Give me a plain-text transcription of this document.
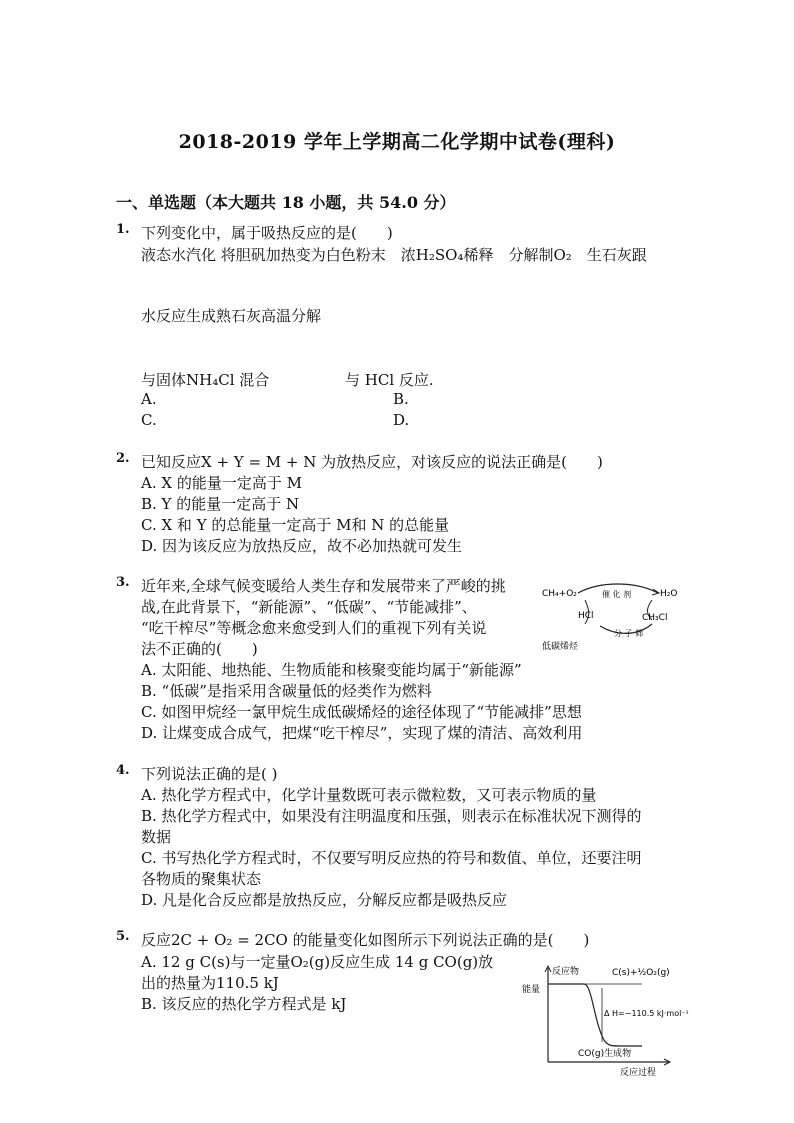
2018-2019 学年上学期高二化学期中试卷(理科)
一、单选题（本大题共 18 小题，共 54.0 分）
1. 下列变化中，属于吸热反应的是(　　)
液态水汽化 将胆矾加热变为白色粉末　浓H₂SO₄稀释　分解制O₂　生石灰跟
水反应生成熟石灰高温分解
与固体NH₄Cl 混合	与 HCl 反应.
A.	B.
C.	D.
2. 已知反应X + Y = M + N 为放热反应，对该反应的说法正确是(　　)
A. X 的能量一定高于 M
B. Y 的能量一定高于 N
C. X 和 Y 的总能量一定高于 M和 N 的总能量
D. 因为该反应为放热反应，故不必加热就可发生
3. 近年来,全球气候变暖给人类生存和发展带来了严峻的挑
战,在此背景下，“新能源”、“低碳”、“节能减排”、
“吃干榨尽”等概念愈来愈受到人们的重视下列有关说
法不正确的(　　)
A. 太阳能、地热能、生物质能和核聚变能均属于“新能源”
B. “低碳”是指采用含碳量低的烃类作为燃料
C. 如图甲烷经一氯甲烷生成低碳烯烃的途径体现了“节能减排”思想
D. 让煤变成合成气，把煤“吃干榨尽”，实现了煤的清洁、高效利用
CH₄+O₂	催 化 剂	H₂O
HCl	CH₃Cl
分 子 筛
低碳烯烃
4. 下列说法正确的是( )
A. 热化学方程式中，化学计量数既可表示微粒数，又可表示物质的量
B. 热化学方程式中，如果没有注明温度和压强，则表示在标准状况下测得的
数据
C. 书写热化学方程式时，不仅要写明反应热的符号和数值、单位，还要注明
各物质的聚集状态
D. 凡是化合反应都是放热反应，分解反应都是吸热反应
5. 反应2C + O₂ = 2CO 的能量变化如图所示下列说法正确的是(　　)
A. 12 g C(s)与一定量O₂(g)反应生成 14 g CO(g)放
出的热量为110.5 kJ
B. 该反应的热化学方程式是 kJ
反应物	C(s)+½O₂(g)
能量
Δ H=−110.5 kJ·mol⁻¹
CO(g)生成物
反应过程
